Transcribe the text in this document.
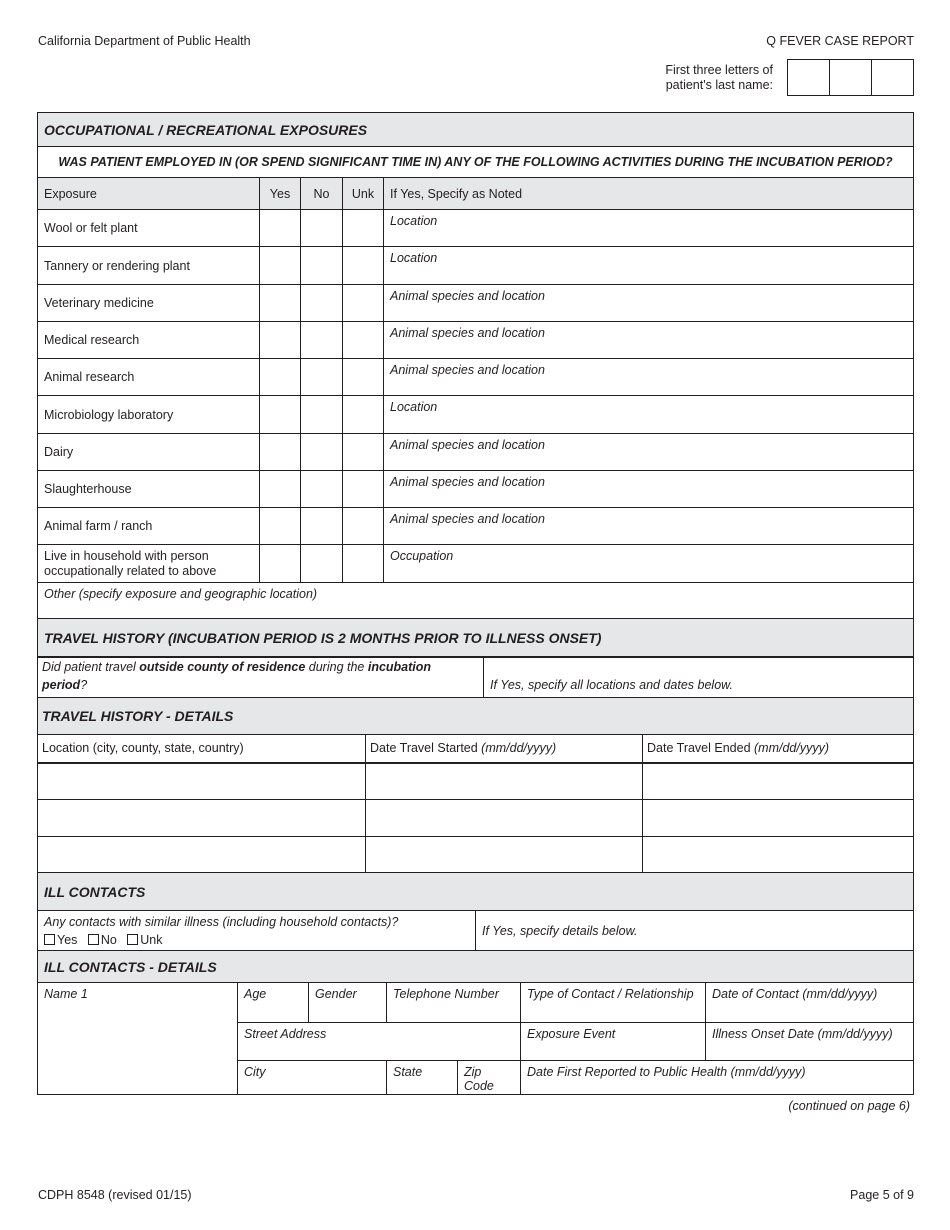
California Department of Public Health	Q FEVER CASE REPORT
First three letters of
patient's last name:
OCCUPATIONAL / RECREATIONAL EXPOSURES				
WAS PATIENT EMPLOYED IN (OR SPEND SIGNIFICANT TIME IN) ANY OF THE FOLLOWING ACTIVITIES DURING THE INCUBATION PERIOD?				
Exposure	Yes	No	Unk	If Yes, Specify as Noted
Wool or felt plant				Location
Tannery or rendering plant				Location
Veterinary medicine				Animal species and location
Medical research				Animal species and location
Animal research				Animal species and location
Microbiology laboratory				Location
Dairy				Animal species and location
Slaughterhouse				Animal species and location
Animal farm / ranch				Animal species and location
Live in household with person
occupationally related to above				Occupation
Other (specify exposure and geographic location)				
TRAVEL HISTORY (INCUBATION PERIOD IS 2 MONTHS PRIOR TO ILLNESS ONSET)				
Did patient travel outside county of residence during the incubation period?	If Yes, specify all locations and dates below.
TRAVEL HISTORY - DETAILS		
Location (city, county, state, country)	Date Travel Started (mm/dd/yyyy)	Date Travel Ended (mm/dd/yyyy)

ILL CONTACTS		
Any contacts with similar illness (including household contacts)?
Yes No Unk	If Yes, specify details below.
ILL CONTACTS - DETAILS						
Name 1	Age	Gender	Telephone Number		Type of Contact / Relationship	Date of Contact (mm/dd/yyyy)
	Street Address				Exposure Event	Illness Onset Date (mm/dd/yyyy)
	City		State	Zip Code	Date First Reported to Public Health (mm/dd/yyyy)	
(continued on page 6)
CDPH 8548 (revised 01/15)	Page 5 of 9
